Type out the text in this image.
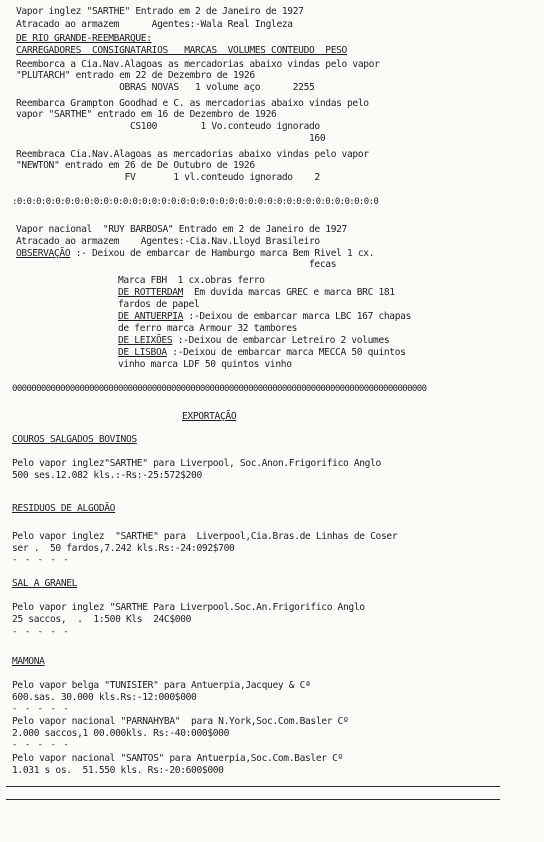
Vapor inglez "SARTHE" Entrado em 2 de Janeiro de 1927

Atracado ao armazem      Agentes:-Wala Real Ingleza

DE RIO GRANDE-REEMBARQUE:

CARREGADORES  CONSIGNATARIOS   MARCAS  VOLUMES CONTEUDO  PESO

Reemborca a Cia.Nav.Alagoas as mercadorias abaixo vindas pelo vapor

"PLUTARCH" entrado em 22 de Dezembro de 1926

OBRAS NOVAS   1 volume aço      2255

Reembarca Grampton Goodhad e C. as mercadorias abaixo vindas pelo

vapor "SARTHE" entrado em 16 de Dezembro de 1926

CS100        1 Vo.conteudo ignorado

160

Reembraca Cia.Nav.Alagoas as mercadorias abaixo vindas pelo vapor

"NEWTON" entrado em 26 de De Outubro de 1926

FV       1 vl.conteudo ignorado    2

:0:0:0:0:0:0:0:0:0:0:0:0:0:0:0:0:0:0:0:0:0:0:0:0:0:0:0:0:0:0:0:0:0:0:0:0:0:0

Vapor nacional  "RUY BARBOSA" Entrado em 2 de Janeiro de 1927

Atracado ao armazem    Agentes:-Cia.Nav.Lloyd Brasileiro

OBSERVAÇÃO :- Deixou de embarcar de Hamburgo marca Bem Rivel 1 cx.

fecas

Marca FBH  1 cx.obras ferro

DE ROTTERDAM  Em duvida marcas GREC e marca BRC 181

fardos de papel

DE ANTUERPIA :-Deixou de embarcar marca LBC 167 chapas

de ferro marca Armour 32 tambores

DE LEIXÕES :-Deixou de embarcar Letreiro 2 volumes

DE LISBOA :-Deixou de embarcar marca MECCA 50 quintos

vinho marca LDF 50 quintos vinho

00000000000000000000000000000000000000000000000000000000000000000000000000000000000000

EXPORTAÇÃO

COUROS SALGADOS BOVINOS

Pelo vapor inglez"SARTHE" para Liverpool, Soc.Anon.Frigorifico Anglo

500 ses.12.082 kls.:-Rs:-25:572$200

RESIDUOS DE ALGODÃO

Pelo vapor inglez  "SARTHE" para  Liverpool,Cia.Bras.de Linhas de Coser

ser .  50 fardos,7.242 kls.Rs:-24:092$700

- - - - -

SAL A GRANEL

Pelo vapor inglez "SARTHE Para Liverpool.Soc.An.Frigorifico Anglo

25 saccos,  .  1:500 Kls  24C$000

- - - - -

MAMONA

Pelo vapor belga "TUNISIER" para Antuerpia,Jacquey & Cª

600.sas. 30.000 kls.Rs:-12:000$000

- - - - -

Pelo vapor nacional "PARNAHYBA"  para N.York,Soc.Com.Basler Cº

2.000 saccos,1 00.000kls. Rs:-40:000$000

- - - - -

Pelo vapor nacional "SANTOS" para Antuerpia,Soc.Com.Basler Cº

1.031 s os.  51.550 kls. Rs:-20:600$000
